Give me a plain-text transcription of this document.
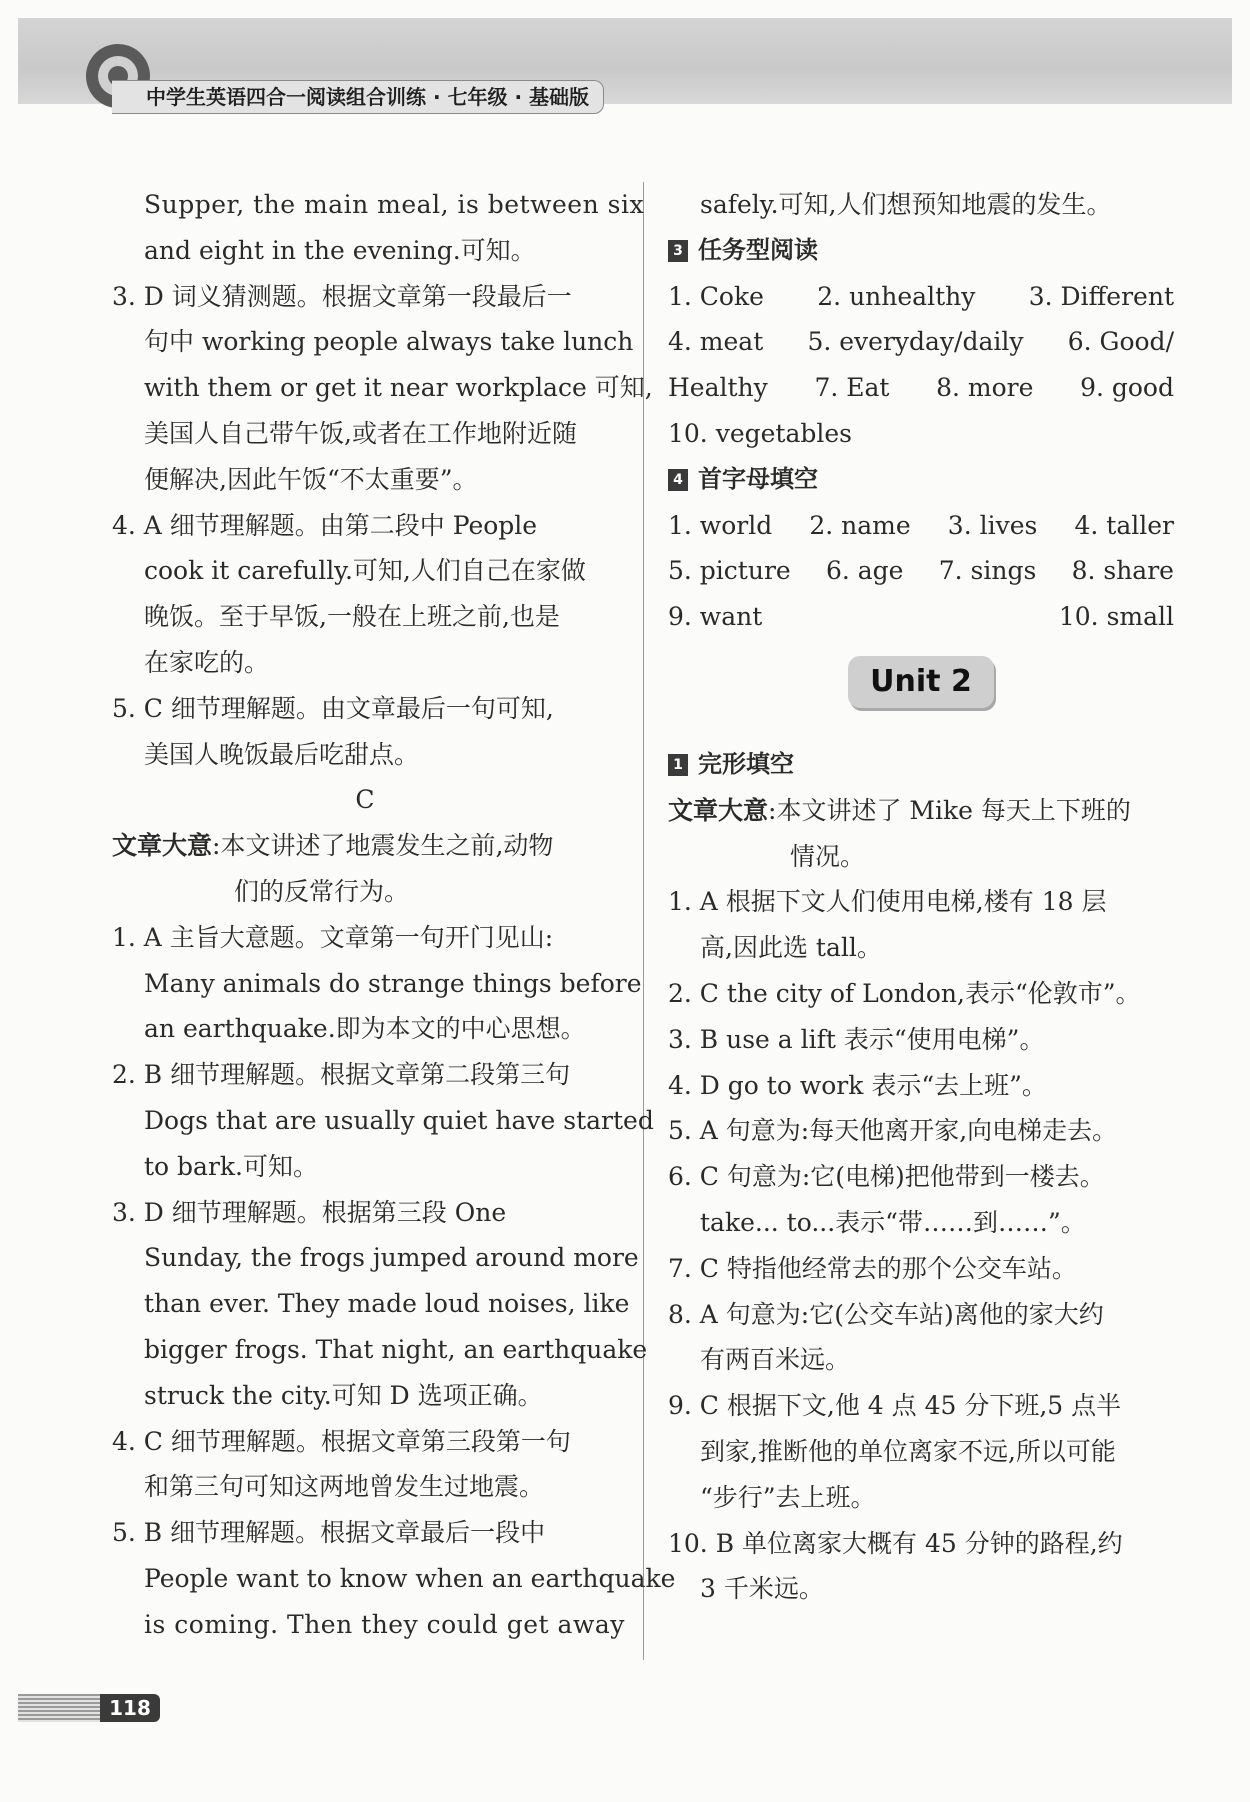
中学生英语四合一阅读组合训练 · 七年级 · 基础版
Supper, the main meal, is between six
and eight in the evening.可知。
3. D 词义猜测题。根据文章第一段最后一
句中 working people always take lunch
with them or get it near workplace 可知,
美国人自己带午饭,或者在工作地附近随
便解决,因此午饭“不太重要”。
4. A 细节理解题。由第二段中 People
cook it carefully.可知,人们自己在家做
晚饭。至于早饭,一般在上班之前,也是
在家吃的。
5. C 细节理解题。由文章最后一句可知,
美国人晚饭最后吃甜点。
C
文章大意:本文讲述了地震发生之前,动物
们的反常行为。
1. A 主旨大意题。文章第一句开门见山:
Many animals do strange things before
an earthquake.即为本文的中心思想。
2. B 细节理解题。根据文章第二段第三句
Dogs that are usually quiet have started
to bark.可知。
3. D 细节理解题。根据第三段 One
Sunday, the frogs jumped around more
than ever. They made loud noises, like
bigger frogs. That night, an earthquake
struck the city.可知 D 选项正确。
4. C 细节理解题。根据文章第三段第一句
和第三句可知这两地曾发生过地震。
5. B 细节理解题。根据文章最后一段中
People want to know when an earthquake
is coming. Then they could get away
safely.可知,人们想预知地震的发生。
3 任务型阅读
1. Coke 2. unhealthy 3. Different
4. meat 5. everyday/daily 6. Good/
Healthy 7. Eat 8. more 9. good
10. vegetables
4 首字母填空
1. world 2. name 3. lives 4. taller
5. picture 6. age 7. sings 8. share
9. want	10. small
Unit 2
1 完形填空
文章大意:本文讲述了 Mike 每天上下班的
情况。
1. A 根据下文人们使用电梯,楼有 18 层
高,因此选 tall。
2. C the city of London,表示“伦敦市”。
3. B use a lift 表示“使用电梯”。
4. D go to work 表示“去上班”。
5. A 句意为:每天他离开家,向电梯走去。
6. C 句意为:它(电梯)把他带到一楼去。
take... to...表示“带……到……”。
7. C 特指他经常去的那个公交车站。
8. A 句意为:它(公交车站)离他的家大约
有两百米远。
9. C 根据下文,他 4 点 45 分下班,5 点半
到家,推断他的单位离家不远,所以可能
“步行”去上班。
10. B 单位离家大概有 45 分钟的路程,约
3 千米远。
118
